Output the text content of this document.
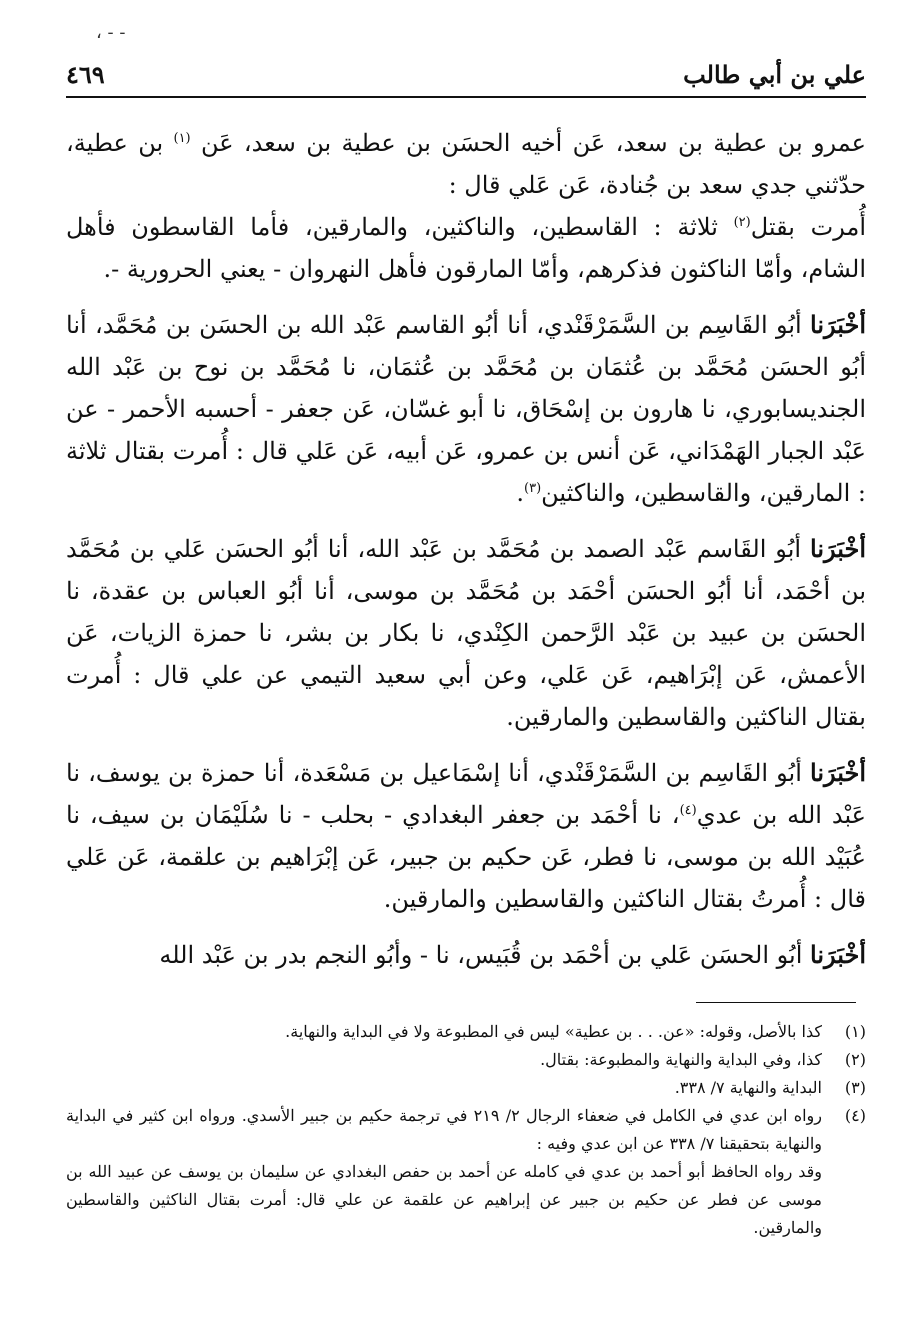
، - -
علي بن أبي طالب
٤٦٩

عمرو بن عطية بن سعد، عَن أخيه الحسَن بن عطية بن سعد، عَن $^{(١)}$ بن عطية، حدّثني جدي سعد بن جُنادة، عَن عَلي قال :

أُمرت بقتل$^{(٢)}$ ثلاثة : القاسطين، والناكثين، والمارقين، فأما القاسطون فأهل الشام، وأمّا الناكثون فذكرهم، وأمّا المارقون فأهل النهروان - يعني الحرورية -.

أخْبَرَنا أبُو القَاسِم بن السَّمَرْقَنْدي، أنا أبُو القاسم عَبْد الله بن الحسَن بن مُحَمَّد، أنا أبُو الحسَن مُحَمَّد بن عُثمَان بن مُحَمَّد بن عُثمَان، نا مُحَمَّد بن نوح بن عَبْد الله الجنديسابوري، نا هارون بن إسْحَاق، نا أبو غسّان، عَن جعفر - أحسبه الأحمر - عن عَبْد الجبار الهَمْدَاني، عَن أنس بن عمرو، عَن أبيه، عَن عَلي قال : أُمرت بقتال ثلاثة : المارقين، والقاسطين، والناكثين$^{(٣)}$.

أخْبَرَنا أبُو القَاسم عَبْد الصمد بن مُحَمَّد بن عَبْد الله، أنا أبُو الحسَن عَلي بن مُحَمَّد بن أحْمَد، أنا أبُو الحسَن أحْمَد بن مُحَمَّد بن موسى، أنا أبُو العباس بن عقدة، نا الحسَن بن عبيد بن عَبْد الرَّحمن الكِنْدي، نا بكار بن بشر، نا حمزة الزيات، عَن الأعمش، عَن إبْرَاهيم، عَن عَلي، وعن أبي سعيد التيمي عن علي قال : أُمرت بقتال الناكثين والقاسطين والمارقين.

أخْبَرَنا أبُو القَاسِم بن السَّمَرْقَنْدي، أنا إسْمَاعيل بن مَسْعَدة، أنا حمزة بن يوسف، نا عَبْد الله بن عدي$^{(٤)}$، نا أحْمَد بن جعفر البغدادي - بحلب - نا سُلَيْمَان بن سيف، نا عُبَيْد الله بن موسى، نا فطر، عَن حكيم بن جبير، عَن إبْرَاهيم بن علقمة، عَن عَلي قال : أُمرتُ بقتال الناكثين والقاسطين والمارقين.

أخْبَرَنا أبُو الحسَن عَلي بن أحْمَد بن قُبَيس، نا - وأبُو النجم بدر بن عَبْد الله

(١)
كذا بالأصل، وقوله: «عن. . . بن عطية» ليس في المطبوعة ولا في البداية والنهاية.
(٢)
كذا، وفي البداية والنهاية والمطبوعة: بقتال.
(٣)
البداية والنهاية ٧/ ٣٣٨.
(٤)
رواه ابن عدي في الكامل في ضعفاء الرجال ٢/ ٢١٩ في ترجمة حكيم بن جبير الأسدي. ورواه ابن كثير في البداية والنهاية بتحقيقنا ٧/ ٣٣٨ عن ابن عدي وفيه :
وقد رواه الحافظ أبو أحمد بن عدي في كامله عن أحمد بن حفص البغدادي عن سليمان بن يوسف عن عبيد الله بن موسى عن فطر عن حكيم بن جبير عن إبراهيم عن علقمة عن علي قال: أمرت بقتال الناكثين والقاسطين والمارقين.
